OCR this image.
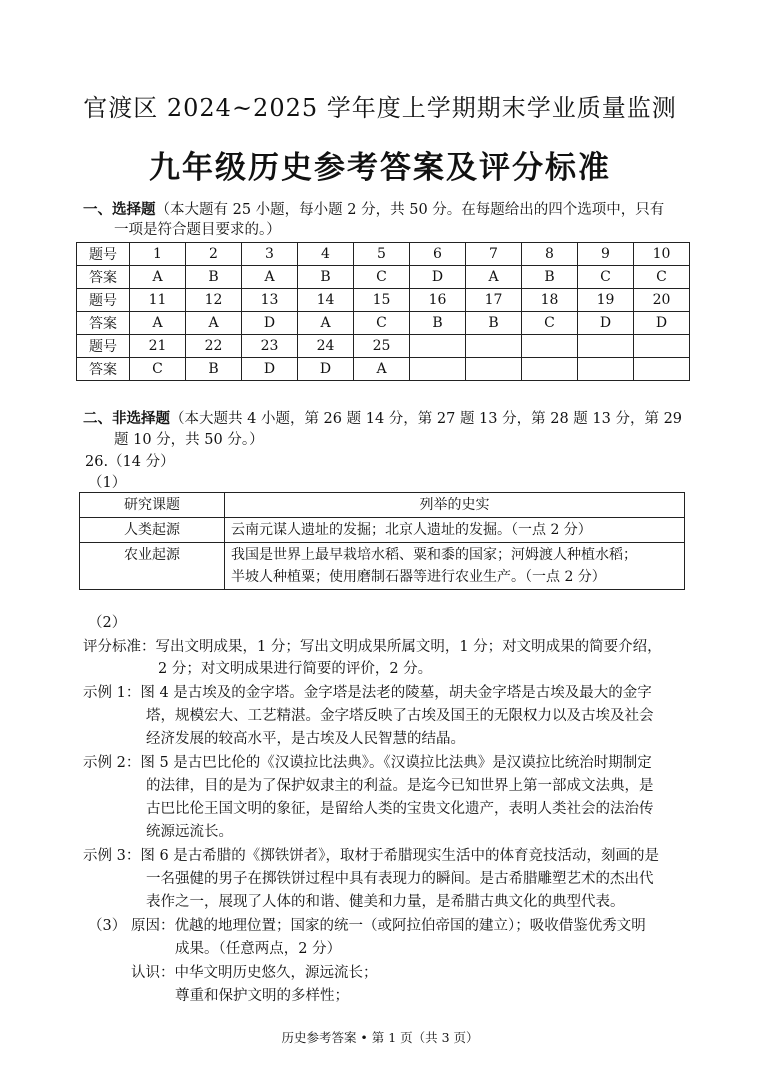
官渡区 2024~2025 学年度上学期期末学业质量监测
九年级历史参考答案及评分标准
一、选择题（本大题有 25 小题，每小题 2 分，共 50 分。在每题给出的四个选项中，只有
一项是符合题目要求的。）
题号	1	2	3	4	5	6	7	8	9	10
答案	A	B	A	B	C	D	A	B	C	C
题号	11	12	13	14	15	16	17	18	19	20
答案	A	A	D	A	C	B	B	C	D	D
题号	21	22	23	24	25					
答案	C	B	D	D	A					
二、非选择题（本大题共 4 小题，第 26 题 14 分，第 27 题 13 分，第 28 题 13 分，第 29
题 10 分，共 50 分。）
26.（14 分）
（1）
研究课题	列举的史实
人类起源	云南元谋人遗址的发掘；北京人遗址的发掘。（一点 2 分）
农业起源	我国是世界上最早栽培水稻、粟和黍的国家；河姆渡人种植水稻；
半坡人种植粟；使用磨制石器等进行农业生产。（一点 2 分）
（2）
评分标准：写出文明成果，1 分；写出文明成果所属文明，1 分；对文明成果的简要介绍，
2 分；对文明成果进行简要的评价，2 分。
示例 1：图 4 是古埃及的金字塔。金字塔是法老的陵墓，胡夫金字塔是古埃及最大的金字
塔，规模宏大、工艺精湛。金字塔反映了古埃及国王的无限权力以及古埃及社会
经济发展的较高水平，是古埃及人民智慧的结晶。
示例 2：图 5 是古巴比伦的《汉谟拉比法典》。《汉谟拉比法典》是汉谟拉比统治时期制定
的法律，目的是为了保护奴隶主的利益。是迄今已知世界上第一部成文法典，是
古巴比伦王国文明的象征，是留给人类的宝贵文化遗产，表明人类社会的法治传
统源远流长。
示例 3：图 6 是古希腊的《掷铁饼者》，取材于希腊现实生活中的体育竞技活动，刻画的是
一名强健的男子在掷铁饼过程中具有表现力的瞬间。是古希腊雕塑艺术的杰出代
表作之一，展现了人体的和谐、健美和力量，是希腊古典文化的典型代表。
（3） 原因：优越的地理位置；国家的统一（或阿拉伯帝国的建立）；吸收借鉴优秀文明
成果。（任意两点，2 分）
认识：中华文明历史悠久，源远流长；
尊重和保护文明的多样性；
历史参考答案 • 第 1 页（共 3 页）
